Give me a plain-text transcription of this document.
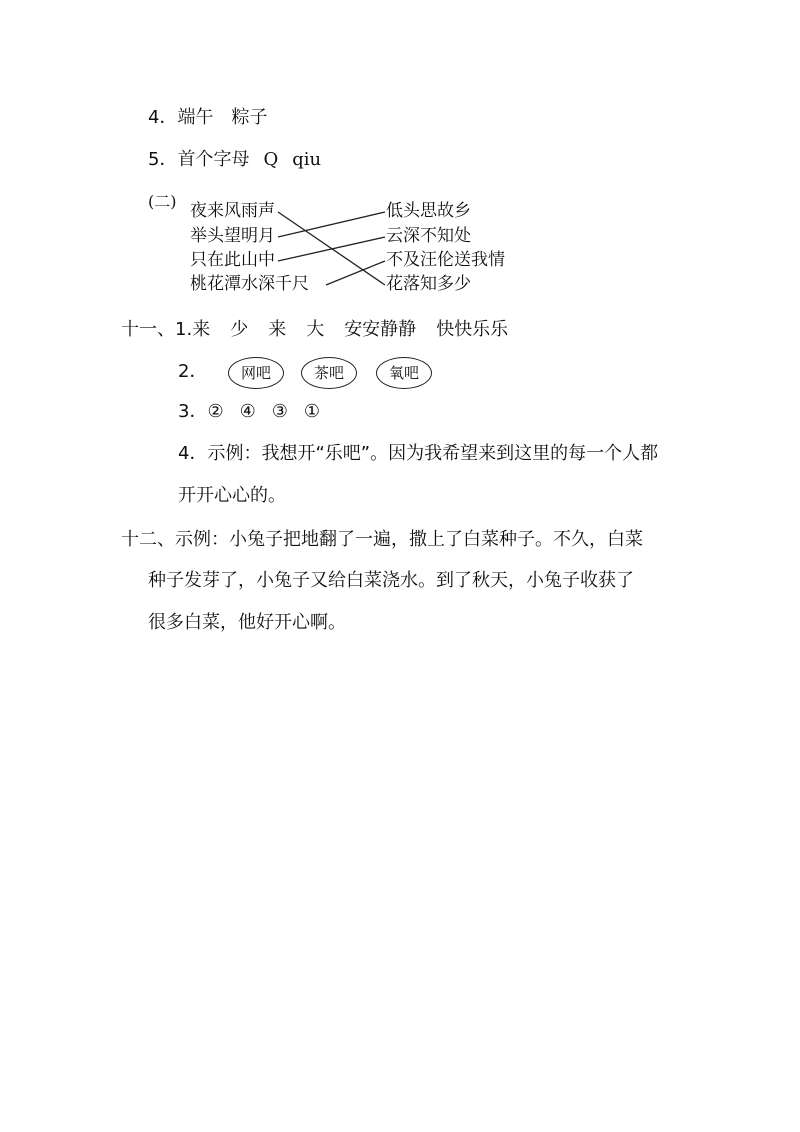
4．端午 粽子
5．首个字母 Q qiu
(二) 夜来风雨声
举头望明月
只在此山中
桃花潭水深千尺
低头思故乡
云深不知处
不及汪伦送我情
花落知多少
十一、1.来 少 来 大 安安静静 快快乐乐
2．	网吧	茶吧	氧吧
3．② ④ ③ ①
4．示例：我想开“乐吧”。因为我希望来到这里的每一个人都
开开心心的。
十二、示例：小兔子把地翻了一遍，撒上了白菜种子。不久，白菜
种子发芽了，小兔子又给白菜浇水。到了秋天，小兔子收获了
很多白菜，他好开心啊。
